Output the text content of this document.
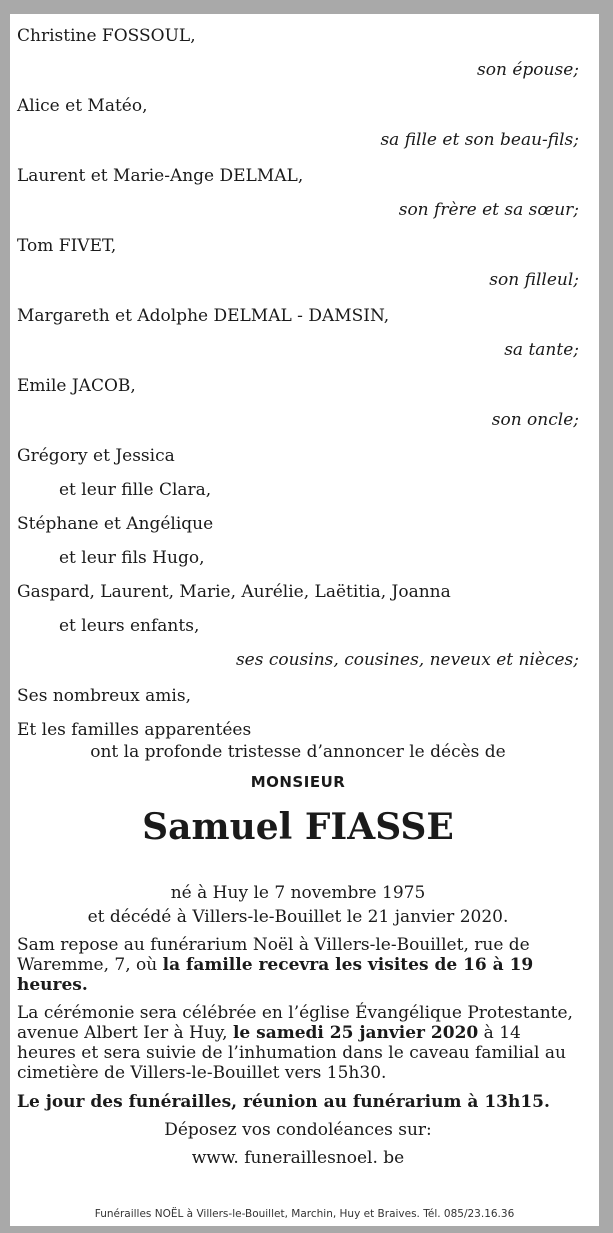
Christine FOSSOUL,

son épouse;

Alice et Matéo,

sa fille et son beau-fils;

Laurent et Marie-Ange DELMAL,

son frère et sa sœur;

Tom FIVET,

son filleul;

Margareth et Adolphe DELMAL - DAMSIN,

sa tante;

Emile JACOB,

son oncle;

Grégory et Jessica

et leur fille Clara,

Stéphane et Angélique

et leur fils Hugo,

Gaspard, Laurent, Marie, Aurélie, Laëtitia, Joanna

et leurs enfants,

ses cousins, cousines, neveux et nièces;

Ses nombreux amis,

Et les familles apparentées

ont la profonde tristesse d’annoncer le décès de

MONSIEUR

Samuel FIASSE

né à Huy le 7 novembre 1975

et décédé à Villers-le-Bouillet le 21 janvier 2020.

Sam repose au funérarium Noël à Villers-le-Bouillet, rue de Waremme, 7, où la famille recevra les visites de 16 à 19 heures.

La cérémonie sera célébrée en l’église Évangélique Protestante, avenue Albert Ier à Huy, le samedi 25 janvier 2020 à 14 heures et sera suivie de l’inhumation dans le caveau familial au cimetière de Villers-le-Bouillet vers 15h30.

Le jour des funérailles, réunion au funérarium à 13h15.

Déposez vos condoléances sur:

www. funeraillesnoel. be

Funérailles NOËL à Villers-le-Bouillet, Marchin, Huy et Braives. Tél. 085/23.16.36
